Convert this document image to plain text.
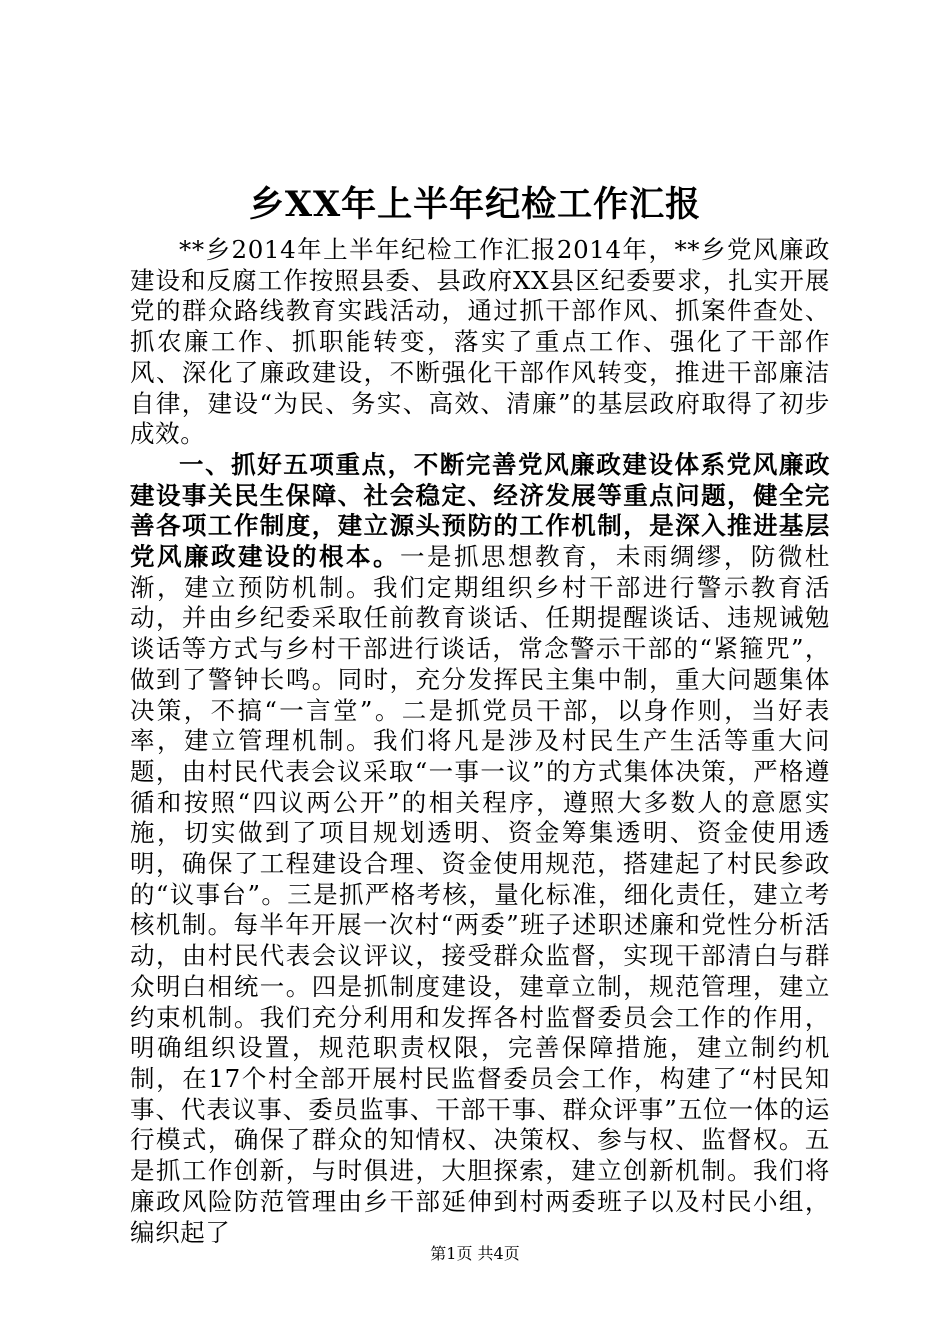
乡XX年上半年纪检工作汇报

**乡2014年上半年纪检工作汇报2014年，**乡党风廉政建设和反腐工作按照县委、县政府XX县区纪委要求，扎实开展党的群众路线教育实践活动，通过抓干部作风、抓案件查处、抓农廉工作、抓职能转变，落实了重点工作、强化了干部作风、深化了廉政建设，不断强化干部作风转变，推进干部廉洁自律，建设“为民、务实、高效、清廉”的基层政府取得了初步成效。

一、抓好五项重点，不断完善党风廉政建设体系党风廉政建设事关民生保障、社会稳定、经济发展等重点问题，健全完善各项工作制度，建立源头预防的工作机制，是深入推进基层党风廉政建设的根本。一是抓思想教育，未雨绸缪，防微杜渐，建立预防机制。我们定期组织乡村干部进行警示教育活动，并由乡纪委采取任前教育谈话、任期提醒谈话、违规诫勉谈话等方式与乡村干部进行谈话，常念警示干部的“紧箍咒”，做到了警钟长鸣。同时，充分发挥民主集中制，重大问题集体决策，不搞“一言堂”。二是抓党员干部，以身作则，当好表率，建立管理机制。我们将凡是涉及村民生产生活等重大问题，由村民代表会议采取“一事一议”的方式集体决策，严格遵循和按照“四议两公开”的相关程序，遵照大多数人的意愿实施，切实做到了项目规划透明、资金筹集透明、资金使用透明，确保了工程建设合理、资金使用规范，搭建起了村民参政的“议事台”。三是抓严格考核，量化标准，细化责任，建立考核机制。每半年开展一次村“两委”班子述职述廉和党性分析活动，由村民代表会议评议，接受群众监督，实现干部清白与群众明白相统一。四是抓制度建设，建章立制，规范管理，建立约束机制。我们充分利用和发挥各村监督委员会工作的作用，明确组织设置，规范职责权限，完善保障措施，建立制约机制，在17个村全部开展村民监督委员会工作，构建了“村民知事、代表议事、委员监事、干部干事、群众评事”五位一体的运行模式，确保了群众的知情权、决策权、参与权、监督权。五是抓工作创新，与时俱进，大胆探索，建立创新机制。我们将廉政风险防范管理由乡干部延伸到村两委班子以及村民小组，编织起了

第1页 共4页
